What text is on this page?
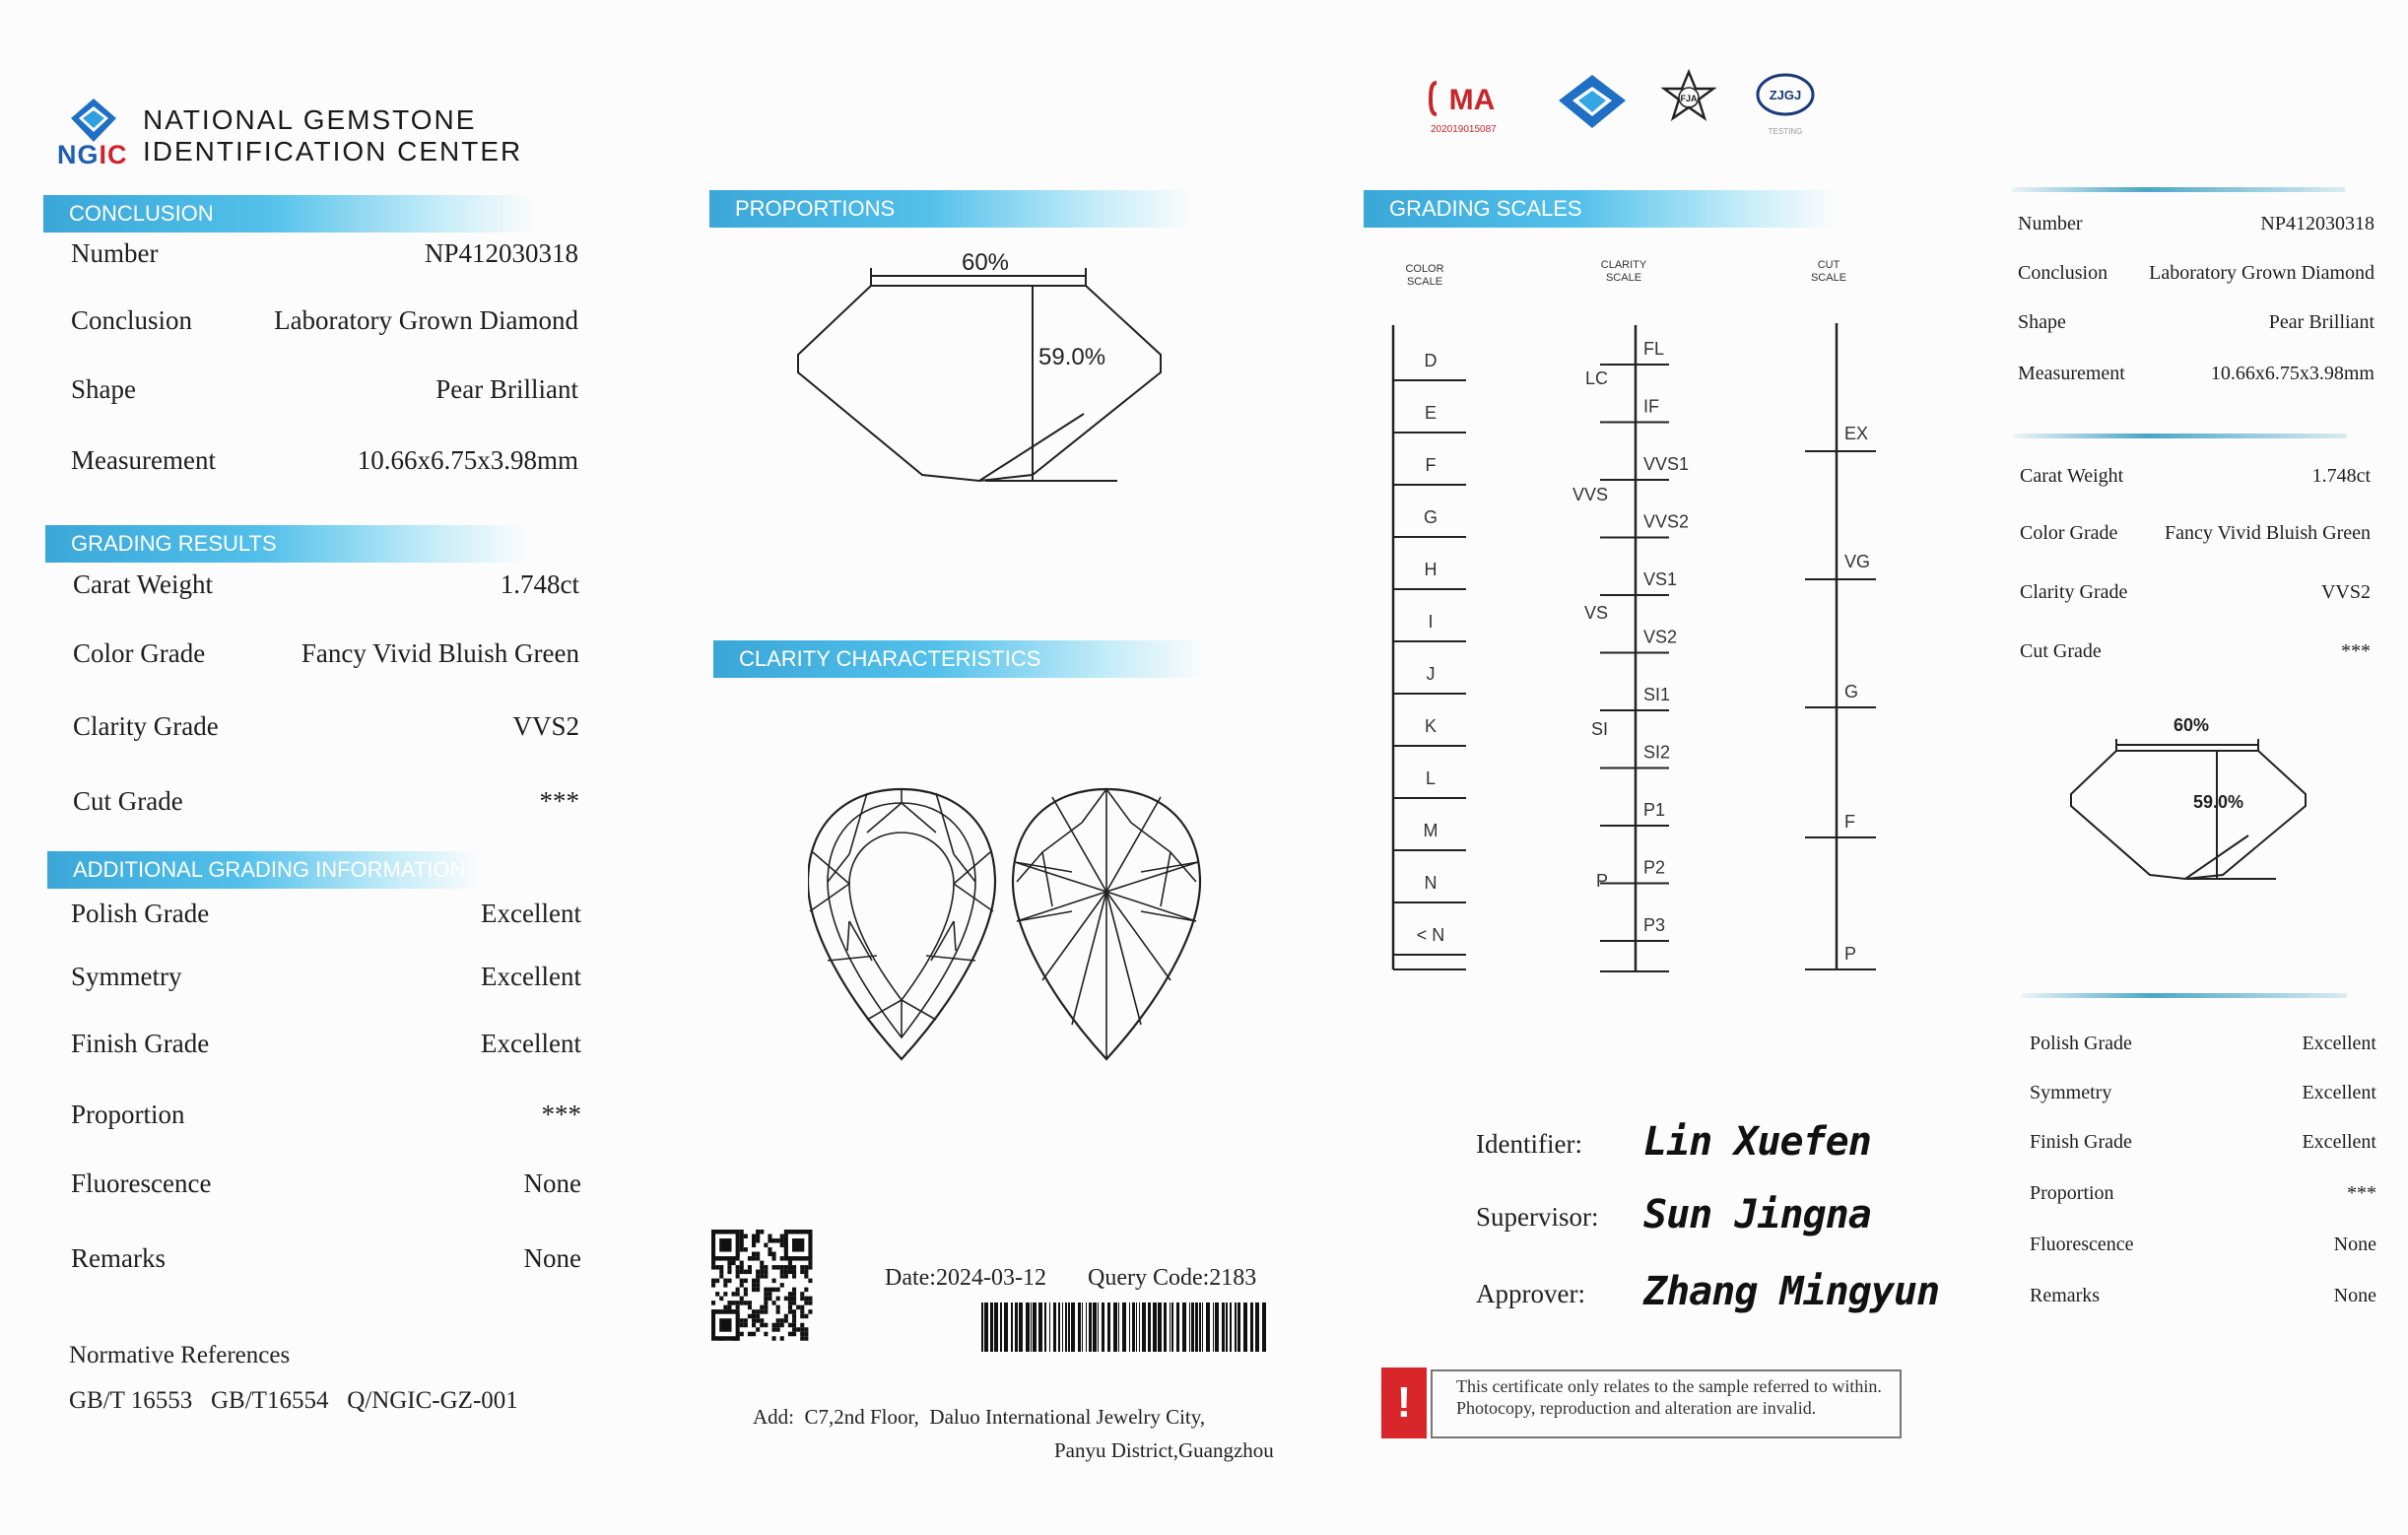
NGIC
NATIONAL GEMSTONE
IDENTIFICATION CENTER
CONCLUSION
Number	NP412030318
Conclusion	Laboratory Grown Diamond
Shape	Pear Brilliant
Measurement	10.66x6.75x3.98mm
GRADING RESULTS
Carat Weight	1.748ct
Color Grade	Fancy Vivid Bluish Green
Clarity Grade	VVS2
Cut Grade	***
ADDITIONAL GRADING INFORMATION
Polish Grade	Excellent
Symmetry	Excellent
Finish Grade	Excellent
Proportion	***
Fluorescence	None
Remarks	None
Normative References
GB/T 16553   GB/T16554   Q/NGIC-GZ-001
PROPORTIONS
60%
59.0%
CLARITY CHARACTERISTICS
Date:2024-03-12 Query Code:2183
Add:  C7,2nd Floor,  Daluo International Jewelry City,
Panyu District,Guangzhou
MA
202019015087
FJA	ZJGJ
TESTING
GRADING SCALES
COLOR
SCALE
CLARITY
SCALE
CUT
SCALE
D
E
F
G
H
I
J
K
L
M
N
< N
FL
IF
VVS1
VVS2
VS1
VS2
SI1
SI2
P1
P2
P3
LC
VVS
VS
SI
P
EX
VG
G
F
P
Identifier: Lin Xuefen
Supervisor: Sun Jingna
Approver: Zhang Mingyun
!	This certificate only relates to the sample referred to within. Photocopy, reproduction and alteration are invalid.
Number	NP412030318
Conclusion Laboratory Grown Diamond
Shape	Pear Brilliant
Measurement	10.66x6.75x3.98mm
Carat Weight	1.748ct
Color Grade Fancy Vivid Bluish Green
Clarity Grade	VVS2
Cut Grade	***
60%
59.0%
Polish Grade	Excellent
Symmetry	Excellent
Finish Grade	Excellent
Proportion	***
Fluorescence	None
Remarks	None
